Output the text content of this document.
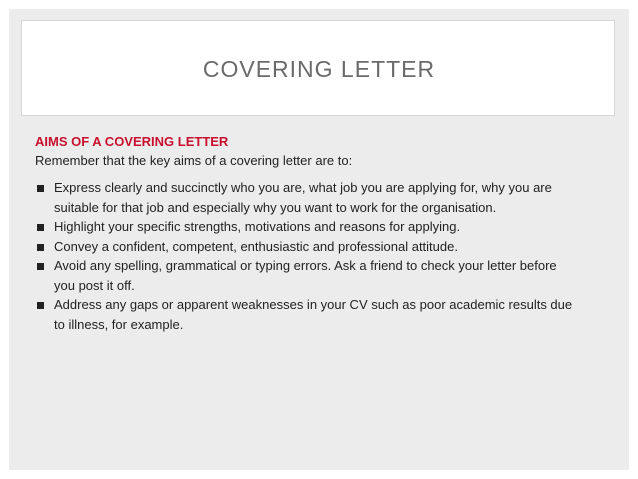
COVERING LETTER
AIMS OF A COVERING LETTER
Remember that the key aims of a covering letter are to:
Express clearly and succinctly who you are, what job you are applying for, why you are suitable for that job and especially why you want to work for the organisation.
Highlight your specific strengths, motivations and reasons for applying.
Convey a confident, competent, enthusiastic and professional attitude.
Avoid any spelling, grammatical or typing errors. Ask a friend to check your letter before you post it off.
Address any gaps or apparent weaknesses in your CV such as poor academic results due to illness, for example.
